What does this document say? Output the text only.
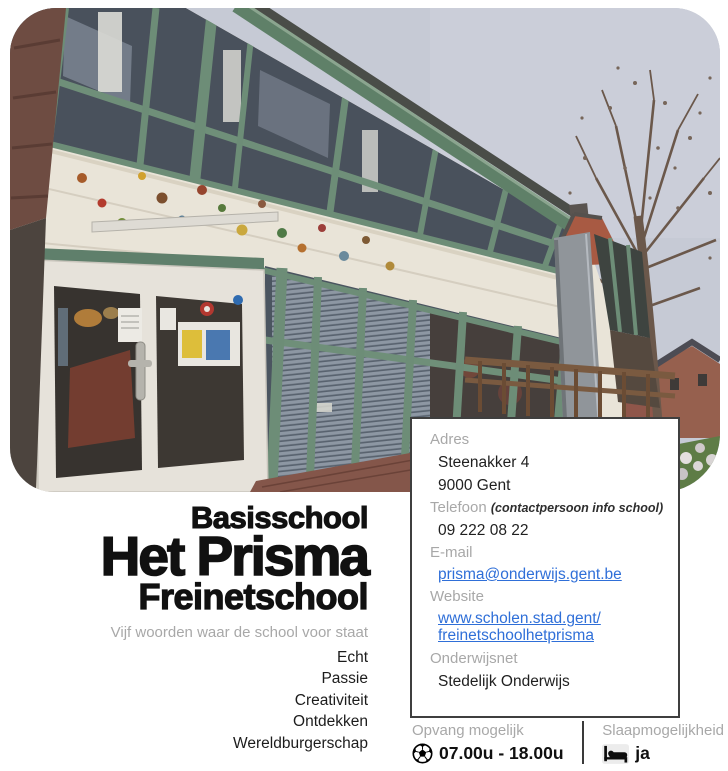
Basisschool
Het Prisma
Freinetschool
Vijf woorden waar de school voor staat
Echt
Passie
Creativiteit
Ontdekken
Wereldburgerschap
Adres
Steenakker 4
9000 Gent
Telefoon (contactpersoon info school)
09 222 08 22
E-mail
prisma@onderwijs.gent.be
Website
www.scholen.stad.gent/
freinetschoolhetprisma
Onderwijsnet
Stedelijk Onderwijs
Opvang mogelijk
07.00u - 18.00u
Slaapmogelijkheid
ja
